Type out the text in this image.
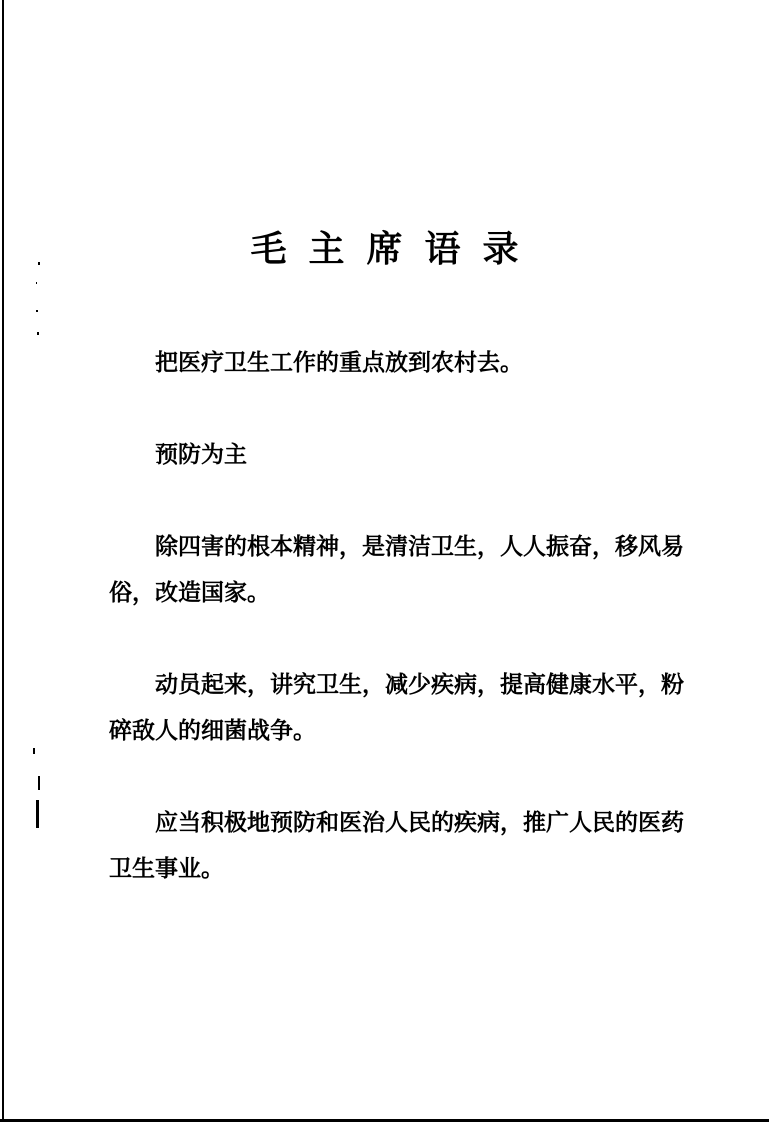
毛主席语录

把医疗卫生工作的重点放到农村去。

预防为主

除四害的根本精神，是清洁卫生，人人振奋，移风易俗，改造国家。

动员起来，讲究卫生，减少疾病，提高健康水平，粉碎敌人的细菌战争。

应当积极地预防和医治人民的疾病，推广人民的医药卫生事业。
